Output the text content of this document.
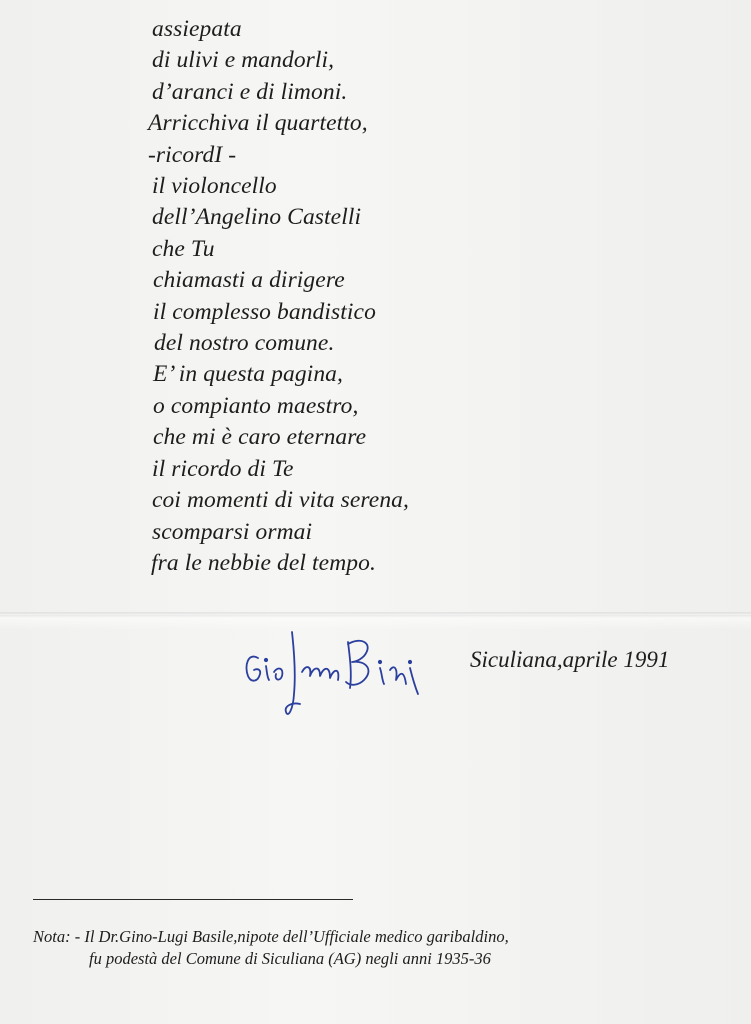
assiepata
di ulivi e mandorli,
d’aranci e di limoni.
Arricchiva il quartetto,
-ricordI -
il violoncello
dell’Angelino Castelli
che Tu
chiamasti a dirigere
il complesso bandistico
del nostro comune.
E’ in questa pagina,
o compianto maestro,
che mi è caro eternare
il ricordo di Te
coi momenti di vita serena,
scomparsi ormai
fra le nebbie del tempo.
Siculiana,aprile 1991
Nota: - Il Dr.Gino-Lugi Basile,nipote dell’Ufficiale medico garibaldino,
fu podestà del Comune di Siculiana (AG) negli anni 1935-36
